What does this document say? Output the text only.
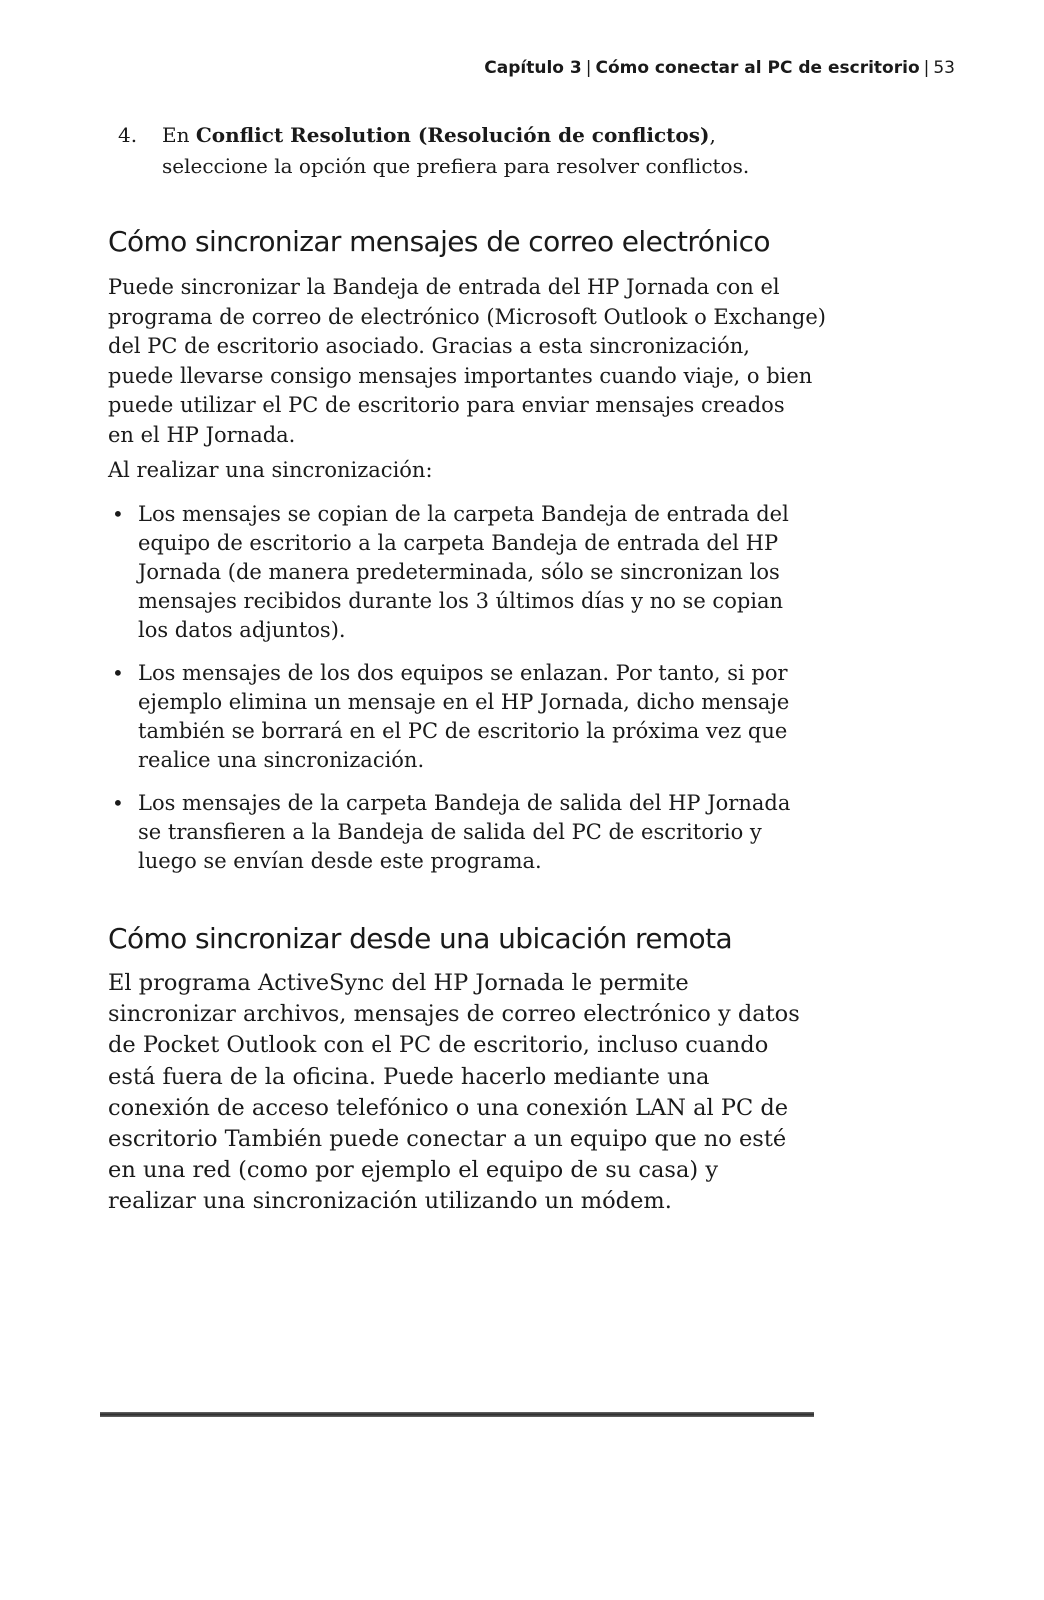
Capítulo 3 | Cómo conectar al PC de escritorio | 53
4. En Conflict Resolution (Resolución de conflictos),
seleccione la opción que prefiera para resolver conflictos.
Cómo sincronizar mensajes de correo electrónico

Puede sincronizar la Bandeja de entrada del HP Jornada con el
programa de correo de electrónico (Microsoft Outlook o Exchange)
del PC de escritorio asociado. Gracias a esta sincronización,
puede llevarse consigo mensajes importantes cuando viaje, o bien
puede utilizar el PC de escritorio para enviar mensajes creados
en el HP Jornada.

Al realizar una sincronización:

• Los mensajes se copian de la carpeta Bandeja de entrada del
equipo de escritorio a la carpeta Bandeja de entrada del HP
Jornada (de manera predeterminada, sólo se sincronizan los
mensajes recibidos durante los 3 últimos días y no se copian
los datos adjuntos).
• Los mensajes de los dos equipos se enlazan. Por tanto, si por
ejemplo elimina un mensaje en el HP Jornada, dicho mensaje
también se borrará en el PC de escritorio la próxima vez que
realice una sincronización.
• Los mensajes de la carpeta Bandeja de salida del HP Jornada
se transfieren a la Bandeja de salida del PC de escritorio y
luego se envían desde este programa.
Cómo sincronizar desde una ubicación remota

El programa ActiveSync del HP Jornada le permite
sincronizar archivos, mensajes de correo electrónico y datos
de Pocket Outlook con el PC de escritorio, incluso cuando
está fuera de la oficina. Puede hacerlo mediante una
conexión de acceso telefónico o una conexión LAN al PC de
escritorio También puede conectar a un equipo que no esté
en una red (como por ejemplo el equipo de su casa) y
realizar una sincronización utilizando un módem.
